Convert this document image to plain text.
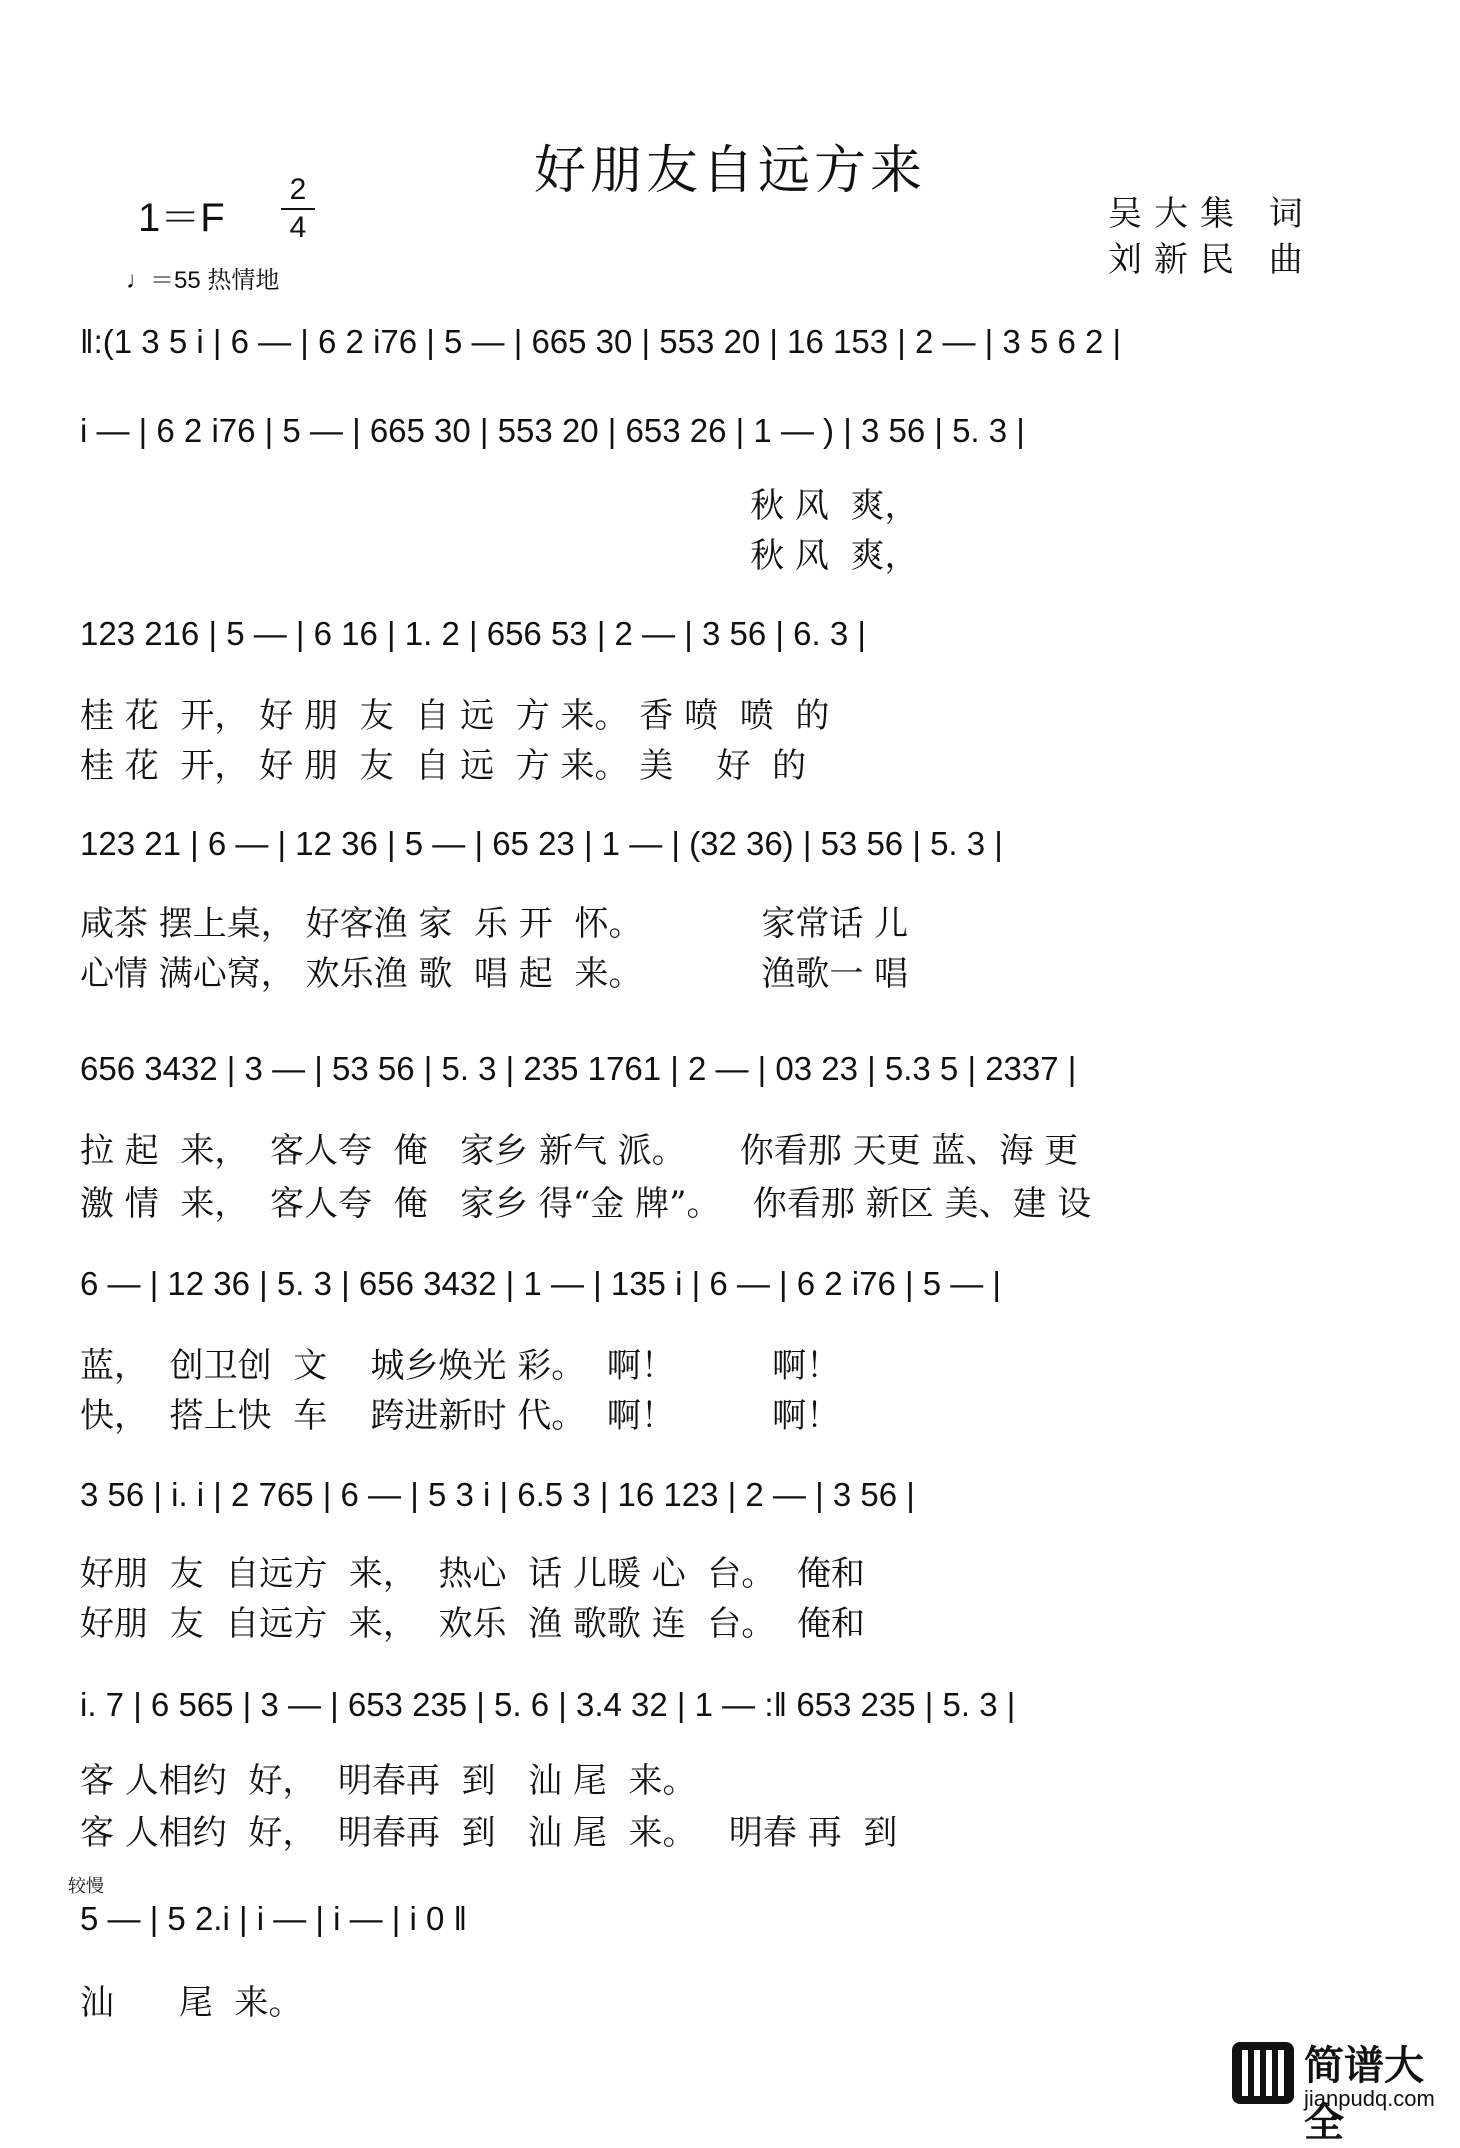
好朋友自远方来
1＝F
2
4
♩＝55 热情地
吴大集 词
刘新民 曲
‖:(1 3 5 i | 6 — | 6 2 i76 | 5 — | 665 30 | 553 20 | 16 153 | 2 — | 3 5 6 2 |
i — | 6 2 i76 | 5 — | 665 30 | 553 20 | 653 26 | 1 — ) | 3 56 | 5. 3 |
秋 风  爽，
秋 风  爽，
123 216 | 5 — | 6 16 | 1. 2 | 656 53 | 2 — | 3 56 | 6. 3 |
桂 花  开， 好 朋  友  自 远  方 来。 香 喷  喷  的
桂 花  开， 好 朋  友  自 远  方 来。 美    好  的
123 21 | 6 — | 12 36 | 5 — | 65 23 | 1 — | (32 36) | 53 56 | 5. 3 |
咸茶 摆上桌， 好客渔 家  乐 开  怀。           家常话 儿
心情 满心窝， 欢乐渔 歌  唱 起  来。           渔歌一 唱
656 3432 | 3 — | 53 56 | 5. 3 | 235 1761 | 2 — | 03 23 | 5.3 5 | 2337 |
拉 起  来，  客人夸  俺   家乡 新气 派。     你看那 天更 蓝、海 更
激 情  来，  客人夸  俺   家乡 得“金 牌”。   你看那 新区 美、建 设
6 — | 12 36 | 5. 3 | 656 3432 | 1 — | 135 i | 6 — | 6 2 i76 | 5 — |
蓝，  创卫创  文    城乡焕光 彩。  啊！         啊！
快，  搭上快  车    跨进新时 代。  啊！         啊！
3 56 | i. i | 2 765 | 6 — | 5 3 i | 6.5 3 | 16 123 | 2 — | 3 56 |
好朋  友  自远方  来，  热心  话 儿暖 心  台。  俺和
好朋  友  自远方  来，  欢乐  渔 歌歌 连  台。  俺和
i. 7 | 6 565 | 3 — | 653 235 | 5. 6 | 3.4 32 | 1 — :‖ 653 235 | 5. 3 |
客 人相约  好，  明春再  到   汕 尾  来。
客 人相约  好，  明春再  到   汕 尾  来。   明春 再  到
较慢
5 — | 5 2.i | i — | i — | i 0 ‖
汕      尾  来。
简谱大全
jianpudq.com
